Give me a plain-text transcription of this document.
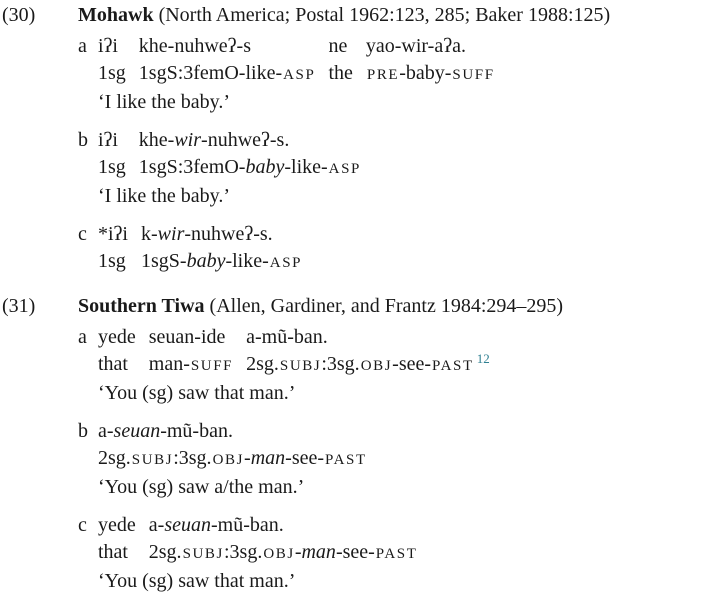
(30)	Mohawk (North America; Postal 1962:123, 285; Baker 1988:125)
a iʔi	khe-nuhweʔ-s	ne	yao-wir-aʔa.
1sg	1sgS:3femO-like-ASP	the	PRE-baby-SUFF
‘I like the baby.’
b iʔi	khe-wir-nuhweʔ-s.
1sg	1sgS:3femO-baby-like-ASP
‘I like the baby.’
c *iʔi	k-wir-nuhweʔ-s.
1sg	1sgS-baby-like-ASP
(31)	Southern Tiwa (Allen, Gardiner, and Frantz 1984:294–295)
a yede	seuan-ide	a-mũ-ban.
that	man-SUFF	2sg.SUBJ:3sg.OBJ-see-PAST $^{12}$
‘You (sg) saw that man.’
b a-seuan-mũ-ban.
2sg.SUBJ:3sg.OBJ-man-see-PAST
‘You (sg) saw a/the man.’
c yede	a-seuan-mũ-ban.
that	2sg.SUBJ:3sg.OBJ-man-see-PAST
‘You (sg) saw that man.’
